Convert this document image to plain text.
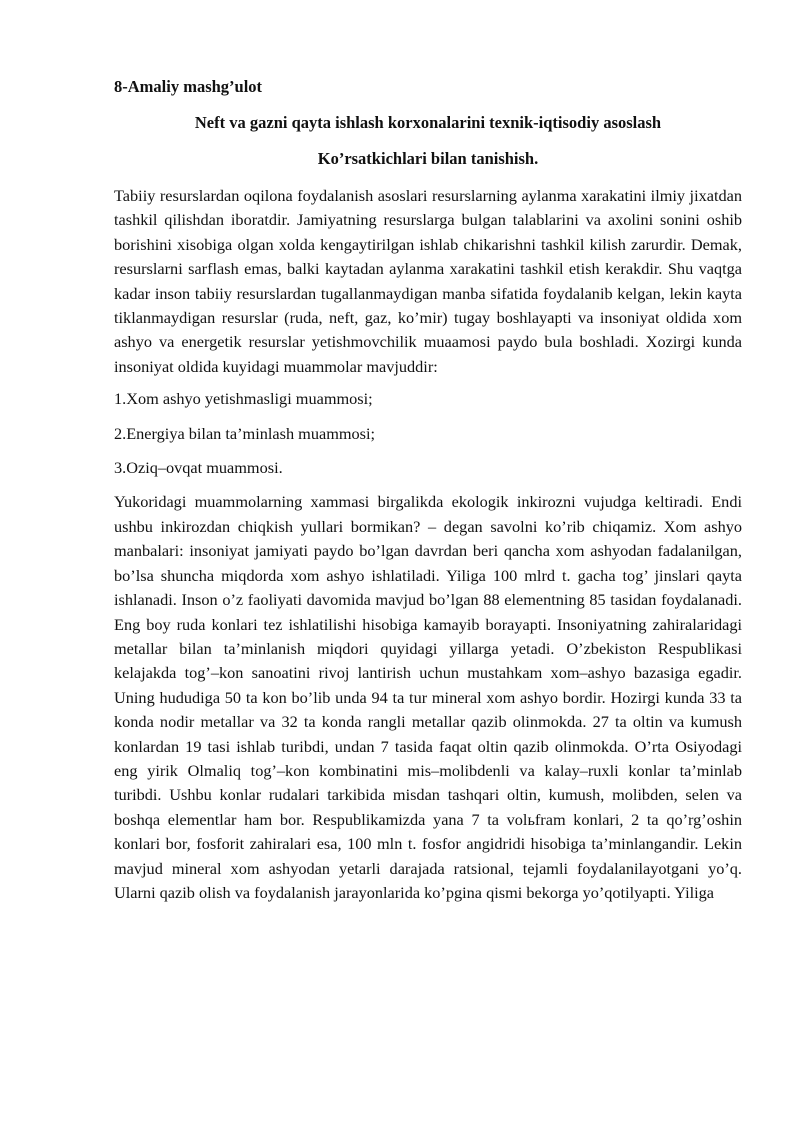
8-Amaliy mashg’ulot

Neft va gazni qayta ishlash korxonalarini texnik-iqtisodiy asoslash

Ko’rsatkichlari bilan tanishish.

Tabiiy resurslardan oqilona foydalanish asoslari resurslarning aylanma xarakatini ilmiy jixatdan tashkil qilishdan iboratdir. Jamiyatning resurslarga bulgan talablarini va axolini sonini oshib borishini xisobiga olgan xolda kengaytirilgan ishlab chikarishni tashkil kilish zarurdir. Demak, resurslarni sarflash emas, balki kaytadan aylanma xarakatini tashkil etish kerakdir. Shu vaqtga kadar inson tabiiy resurslardan tugallanmaydigan manba sifatida foydalanib kelgan, lekin kayta tiklanmaydigan resurslar (ruda, neft, gaz, ko’mir) tugay boshlayapti va insoniyat oldida xom ashyo va energetik resurslar yetishmovchilik muaamosi paydo bula boshladi. Xozirgi kunda insoniyat oldida kuyidagi muammolar mavjuddir:

1.Xom ashyo yetishmasligi muammosi;

2.Energiya bilan ta’minlash muammosi;

3.Oziq–ovqat muammosi.

Yukoridagi muammolarning xammasi birgalikda ekologik inkirozni vujudga keltiradi. Endi ushbu inkirozdan chiqkish yullari bormikan? – degan savolni ko’rib chiqamiz. Xom ashyo manbalari: insoniyat jamiyati paydo bo’lgan davrdan beri qancha xom ashyodan fadalanilgan, bo’lsa shuncha miqdorda xom ashyo ishlatiladi. Yiliga 100 mlrd t. gacha tog’ jinslari qayta ishlanadi. Inson o’z faoliyati davomida mavjud bo’lgan 88 elementning 85 tasidan foydalanadi. Eng boy ruda konlari tez ishlatilishi hisobiga kamayib borayapti. Insoniyatning zahiralaridagi metallar bilan ta’minlanish miqdori quyidagi yillarga yetadi. O’zbekiston Respublikasi kelajakda tog’–kon sanoatini rivoj lantirish uchun mustahkam xom–ashyo bazasiga egadir. Uning hududiga 50 ta kon bo’lib unda 94 ta tur mineral xom ashyo bordir. Hozirgi kunda 33 ta konda nodir metallar va 32 ta konda rangli metallar qazib olinmokda. 27 ta oltin va kumush konlardan 19 tasi ishlab turibdi, undan 7 tasida faqat oltin qazib olinmokda. O’rta Osiyodagi eng yirik Olmaliq tog’–kon kombinatini mis–molibdenli va kalay–ruxli konlar ta’minlab turibdi. Ushbu konlar rudalari tarkibida misdan tashqari oltin, kumush, molibden, selen va boshqa elementlar ham bor. Respublikamizda yana 7 ta volьfram konlari, 2 ta qo’rg’oshin konlari bor, fosforit zahiralari esa, 100 mln t. fosfor angidridi hisobiga ta’minlangandir. Lekin mavjud mineral xom ashyodan yetarli darajada ratsional, tejamli foydalanilayotgani yo’q. Ularni qazib olish va foydalanish jarayonlarida ko’pgina qismi bekorga yo’qotilyapti. Yiliga
